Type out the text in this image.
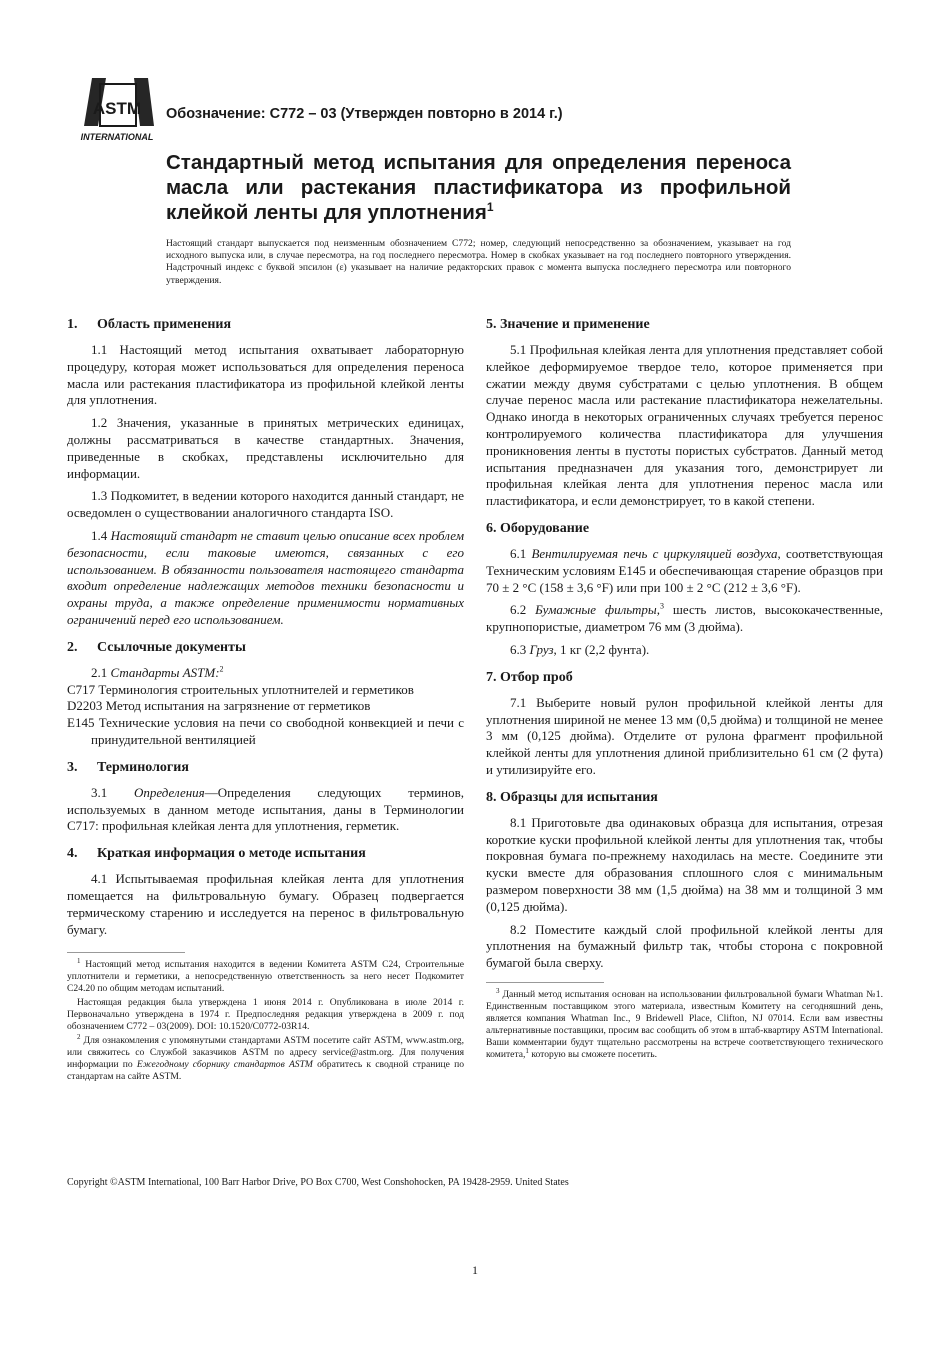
ASTM
INTERNATIONAL
Обозначение: C772 – 03 (Утвержден повторно в 2014 г.)
Стандартный метод испытания для определения переноса масла или растекания пластификатора из профильной клейкой ленты для уплотнения$^1$
Настоящий стандарт выпускается под неизменным обозначением C772; номер, следующий непосредственно за обозначением, указывает на год исходного выпуска или, в случае пересмотра, на год последнего пересмотра. Номер в скобках указывает на год последнего повторного утверждения. Надстрочный индекс с буквой эпсилон (ε) указывает на наличие редакторских правок с момента выпуска последнего пересмотра или повторного утверждения.
1. Область применения

1.1 Настоящий метод испытания охватывает лабораторную процедуру, которая может использоваться для определения переноса масла или растекания пластификатора из профильной клейкой ленты для уплотнения.

1.2 Значения, указанные в принятых метрических единицах, должны рассматриваться в качестве стандартных. Значения, приведенные в скобках, представлены исключительно для информации.

1.3 Подкомитет, в ведении которого находится данный стандарт, не осведомлен о существовании аналогичного стандарта ISO.

1.4 Настоящий стандарт не ставит целью описание всех проблем безопасности, если таковые имеются, связанных с его использованием. В обязанности пользователя настоящего стандарта входит определение надлежащих методов техники безопасности и охраны труда, а также определение применимости нормативных ограничений перед его использованием.

2. Ссылочные документы

2.1 Стандарты ASTM:$^2$

C717 Терминология строительных уплотнителей и герметиков

D2203 Метод испытания на загрязнение от герметиков

E145 Технические условия на печи со свободной конвекцией и печи с принудительной вентиляцией

3. Терминология

3.1 Определения—Определения следующих терминов, используемых в данном методе испытания, даны в Терминологии C717: профильная клейкая лента для уплотнения, герметик.

4. Краткая информация о методе испытания

4.1 Испытываемая профильная клейкая лента для уплотнения помещается на фильтровальную бумагу. Образец подвергается термическому старению и исследуется на перенос в фильтровальную бумагу.

$^1$ Настоящий метод испытания находится в ведении Комитета ASTM C24, Строительные уплотнители и герметики, а непосредственную ответственность за него несет Подкомитет C24.20 по общим методам испытаний.

Настоящая редакция была утверждена 1 июня 2014 г. Опубликована в июле 2014 г. Первоначально утверждена в 1974 г. Предпоследняя редакция утверждена в 2009 г. под обозначением C772 – 03(2009). DOI: 10.1520/C0772-03R14.

$^2$ Для ознакомления с упомянутыми стандартами ASTM посетите сайт ASTM, www.astm.org, или свяжитесь со Службой заказчиков ASTM по адресу service@astm.org. Для получения информации по Ежегодному сборнику стандартов ASTM обратитесь к сводной странице по стандартам на сайте ASTM.

5. Значение и применение

5.1 Профильная клейкая лента для уплотнения представляет собой клейкое деформируемое твердое тело, которое применяется при сжатии между двумя субстратами с целью уплотнения. В общем случае перенос масла или растекание пластификатора нежелательны. Однако иногда в некоторых ограниченных случаях требуется перенос контролируемого количества пластификатора для улучшения проникновения ленты в пустоты пористых субстратов. Данный метод испытания предназначен для указания того, демонстрирует ли профильная клейкая лента для уплотнения перенос масла или пластификатора, и если демонстрирует, то в какой степени.

6. Оборудование

6.1 Вентилируемая печь с циркуляцией воздуха, соответствующая Техническим условиям E145 и обеспечивающая старение образцов при 70 ± 2 °C (158 ± 3,6 °F) или при 100 ± 2 °C (212 ± 3,6 °F).

6.2 Бумажные фильтры,$^3$ шесть листов, высококачественные, крупнопористые, диаметром 76 мм (3 дюйма).

6.3 Груз, 1 кг (2,2 фунта).

7. Отбор проб

7.1 Выберите новый рулон профильной клейкой ленты для уплотнения шириной не менее 13 мм (0,5 дюйма) и толщиной не менее 3 мм (0,125 дюйма). Отделите от рулона фрагмент профильной клейкой ленты для уплотнения длиной приблизительно 61 см (2 фута) и утилизируйте его.

8. Образцы для испытания

8.1 Приготовьте два одинаковых образца для испытания, отрезая короткие куски профильной клейкой ленты для уплотнения так, чтобы покровная бумага по-прежнему находилась на месте. Соедините эти куски вместе для образования сплошного слоя с минимальным размером поверхности 38 мм (1,5 дюйма) на 38 мм и толщиной 3 мм (0,125 дюйма).

8.2 Поместите каждый слой профильной клейкой ленты для уплотнения на бумажный фильтр так, чтобы сторона с покровной бумагой была сверху.

$^3$ Данный метод испытания основан на использовании фильтровальной бумаги Whatman №1. Единственным поставщиком этого материала, известным Комитету на сегодняшний день, является компания Whatman Inc., 9 Bridewell Place, Clifton, NJ 07014. Если вам известны альтернативные поставщики, просим вас сообщить об этом в штаб-квартиру ASTM International. Ваши комментарии будут тщательно рассмотрены на встрече соответствующего технического комитета,$^1$ которую вы сможете посетить.

Copyright ©ASTM International, 100 Barr Harbor Drive, PO Box C700, West Conshohocken, PA 19428-2959. United States
1
